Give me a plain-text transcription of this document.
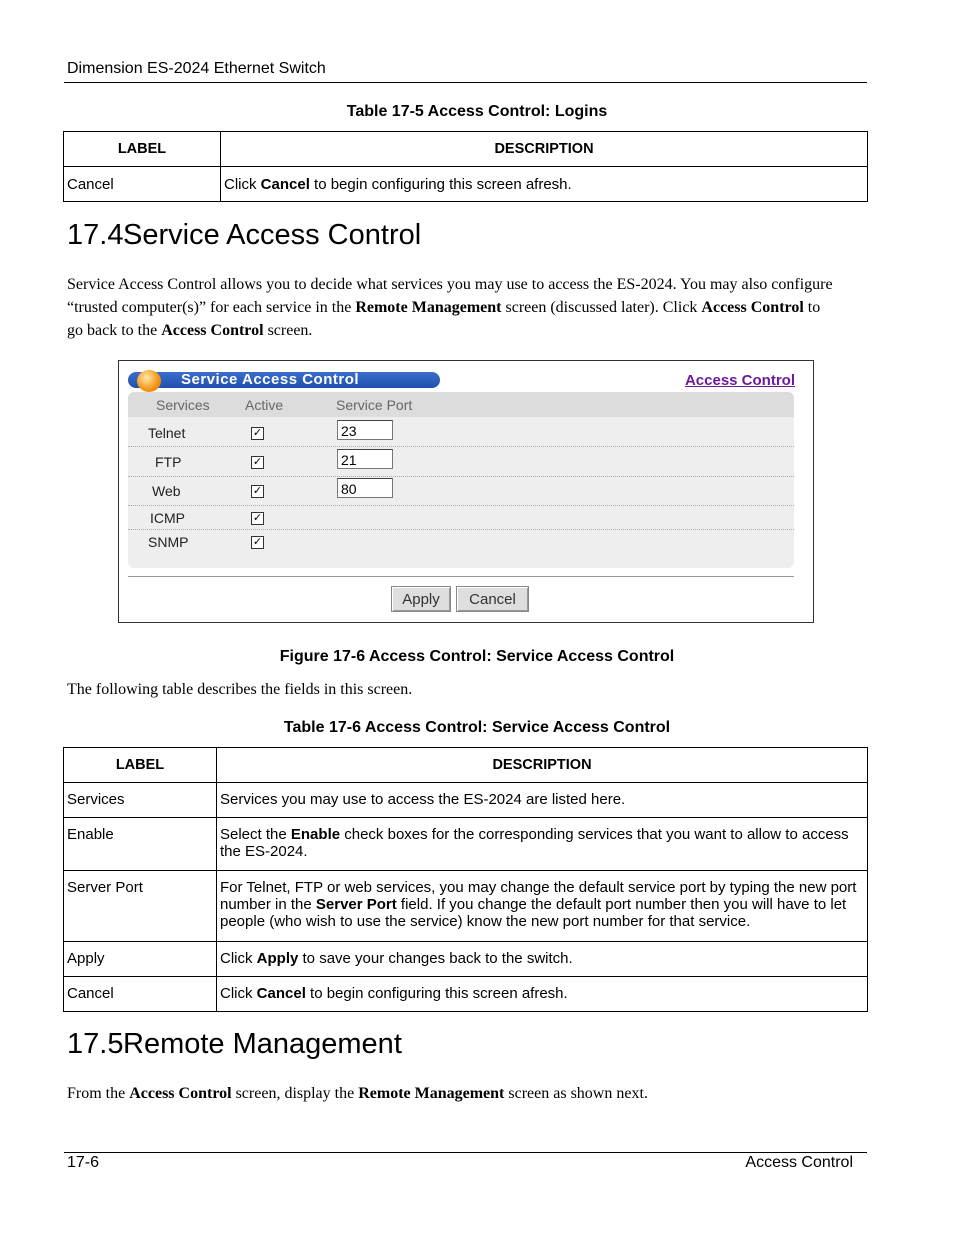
Dimension ES-2024 Ethernet Switch
Table 17-5 Access Control: Logins
LABEL	DESCRIPTION
Cancel	Click Cancel to begin configuring this screen afresh.
17.4Service Access Control
Service Access Control allows you to decide what services you may use to access the ES-2024. You may also configure “trusted computer(s)” for each service in the Remote Management screen (discussed later). Click Access Control to go back to the Access Control screen.
Service Access Control	Access Control
Services	Active	Service Port
Telnet	✓	23
FTP	✓	21
Web	✓	80
ICMP	✓
SNMP	✓
Apply	Cancel
Figure 17-6 Access Control: Service Access Control
The following table describes the fields in this screen.
Table 17-6 Access Control: Service Access Control
LABEL	DESCRIPTION
Services	Services you may use to access the ES-2024 are listed here.
Enable	Select the Enable check boxes for the corresponding services that you want to allow to access the ES-2024.
Server Port	For Telnet, FTP or web services, you may change the default service port by typing the new port number in the Server Port field. If you change the default port number then you will have to let people (who wish to use the service) know the new port number for that service.
Apply	Click Apply to save your changes back to the switch.
Cancel	Click Cancel to begin configuring this screen afresh.
17.5Remote Management
From the Access Control screen, display the Remote Management screen as shown next.
17-6	Access Control
